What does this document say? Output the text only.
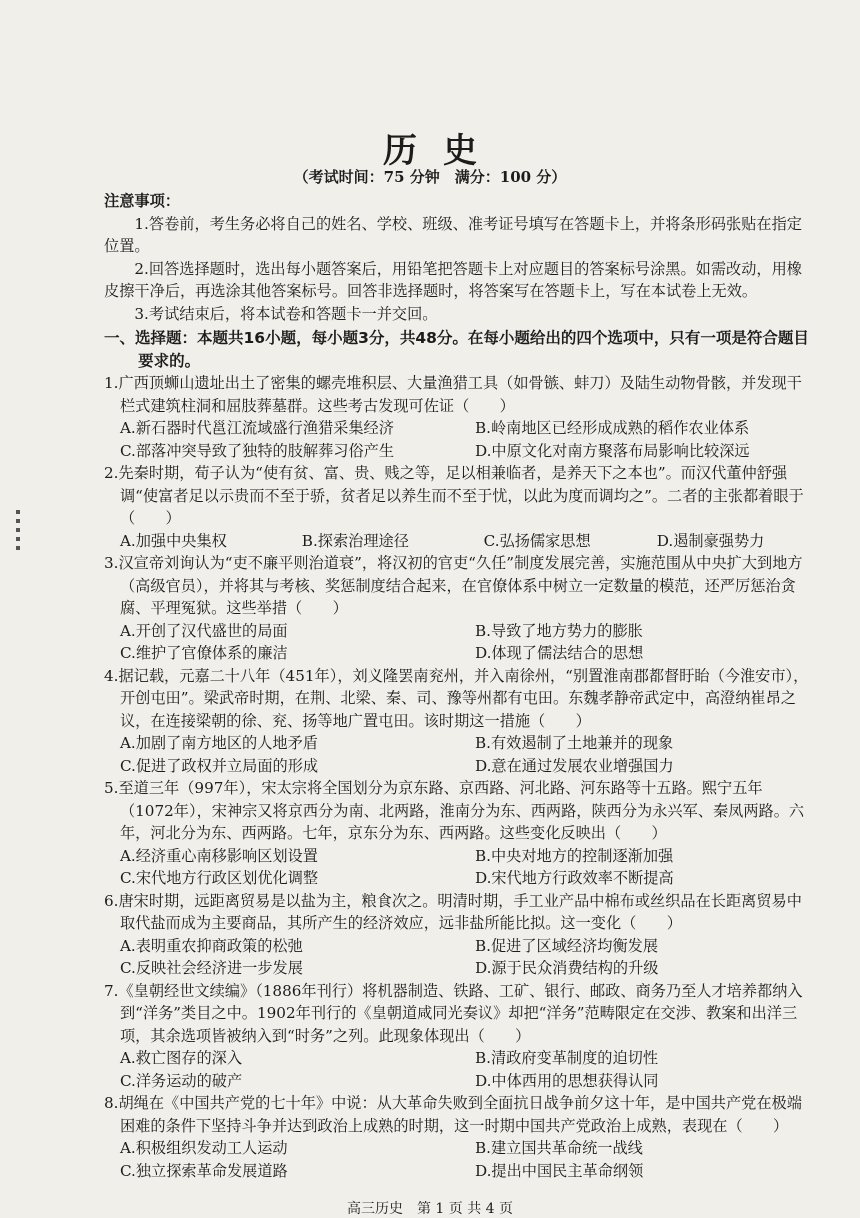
历史
（考试时间：75 分钟　满分：100 分）
注意事项：
1.答卷前，考生务必将自己的姓名、学校、班级、准考证号填写在答题卡上，并将条形码张贴在指定位置。
2.回答选择题时，选出每小题答案后，用铅笔把答题卡上对应题目的答案标号涂黑。如需改动，用橡皮擦干净后，再选涂其他答案标号。回答非选择题时，将答案写在答题卡上，写在本试卷上无效。
3.考试结束后，将本试卷和答题卡一并交回。
一、选择题：本题共16小题，每小题3分，共48分。在每小题给出的四个选项中，只有一项是符合题目要求的。
1.广西顶蛳山遗址出土了密集的螺壳堆积层、大量渔猎工具（如骨镞、蚌刀）及陆生动物骨骸，并发现干栏式建筑柱洞和屈肢葬墓群。这些考古发现可佐证（　　）
A.新石器时代邕江流域盛行渔猎采集经济	B.岭南地区已经形成成熟的稻作农业体系
C.部落冲突导致了独特的肢解葬习俗产生	D.中原文化对南方聚落布局影响比较深远
2.先秦时期，荀子认为“使有贫、富、贵、贱之等，足以相兼临者，是养天下之本也”。而汉代董仲舒强调“使富者足以示贵而不至于骄，贫者足以养生而不至于忧，以此为度而调均之”。二者的主张都着眼于（　　）
A.加强中央集权	B.探索治理途径	C.弘扬儒家思想	D.遏制豪强势力
3.汉宣帝刘询认为“吏不廉平则治道衰”，将汉初的官吏“久任”制度发展完善，实施范围从中央扩大到地方（高级官员），并将其与考核、奖惩制度结合起来，在官僚体系中树立一定数量的模范，还严厉惩治贪腐、平理冤狱。这些举措（　　）
A.开创了汉代盛世的局面	B.导致了地方势力的膨胀
C.维护了官僚体系的廉洁	D.体现了儒法结合的思想
4.据记载，元嘉二十八年（451年），刘义隆罢南兖州，并入南徐州，“别置淮南郡都督盱眙（今淮安市），开创屯田”。梁武帝时期，在荆、北梁、秦、司、豫等州都有屯田。东魏孝静帝武定中，高澄纳崔昂之议，在连接梁朝的徐、兖、扬等地广置屯田。该时期这一措施（　　）
A.加剧了南方地区的人地矛盾	B.有效遏制了土地兼并的现象
C.促进了政权并立局面的形成	D.意在通过发展农业增强国力
5.至道三年（997年），宋太宗将全国划分为京东路、京西路、河北路、河东路等十五路。熙宁五年（1072年），宋神宗又将京西分为南、北两路，淮南分为东、西两路，陕西分为永兴军、秦凤两路。六年，河北分为东、西两路。七年，京东分为东、西两路。这些变化反映出（　　）
A.经济重心南移影响区划设置	B.中央对地方的控制逐渐加强
C.宋代地方行政区划优化调整	D.宋代地方行政效率不断提高
6.唐宋时期，远距离贸易是以盐为主，粮食次之。明清时期，手工业产品中棉布或丝织品在长距离贸易中取代盐而成为主要商品，其所产生的经济效应，远非盐所能比拟。这一变化（　　）
A.表明重农抑商政策的松弛	B.促进了区域经济均衡发展
C.反映社会经济进一步发展	D.源于民众消费结构的升级
7.《皇朝经世文续编》（1886年刊行）将机器制造、铁路、工矿、银行、邮政、商务乃至人才培养都纳入到“洋务”类目之中。1902年刊行的《皇朝道咸同光奏议》却把“洋务”范畴限定在交涉、教案和出洋三项，其余选项皆被纳入到“时务”之列。此现象体现出（　　）
A.救亡图存的深入	B.清政府变革制度的迫切性
C.洋务运动的破产	D.中体西用的思想获得认同
8.胡绳在《中国共产党的七十年》中说：从大革命失败到全面抗日战争前夕这十年，是中国共产党在极端困难的条件下坚持斗争并达到政治上成熟的时期，这一时期中国共产党政治上成熟，表现在（　　）
A.积极组织发动工人运动	B.建立国共革命统一战线
C.独立探索革命发展道路	D.提出中国民主革命纲领
高三历史　第 1 页 共 4 页
